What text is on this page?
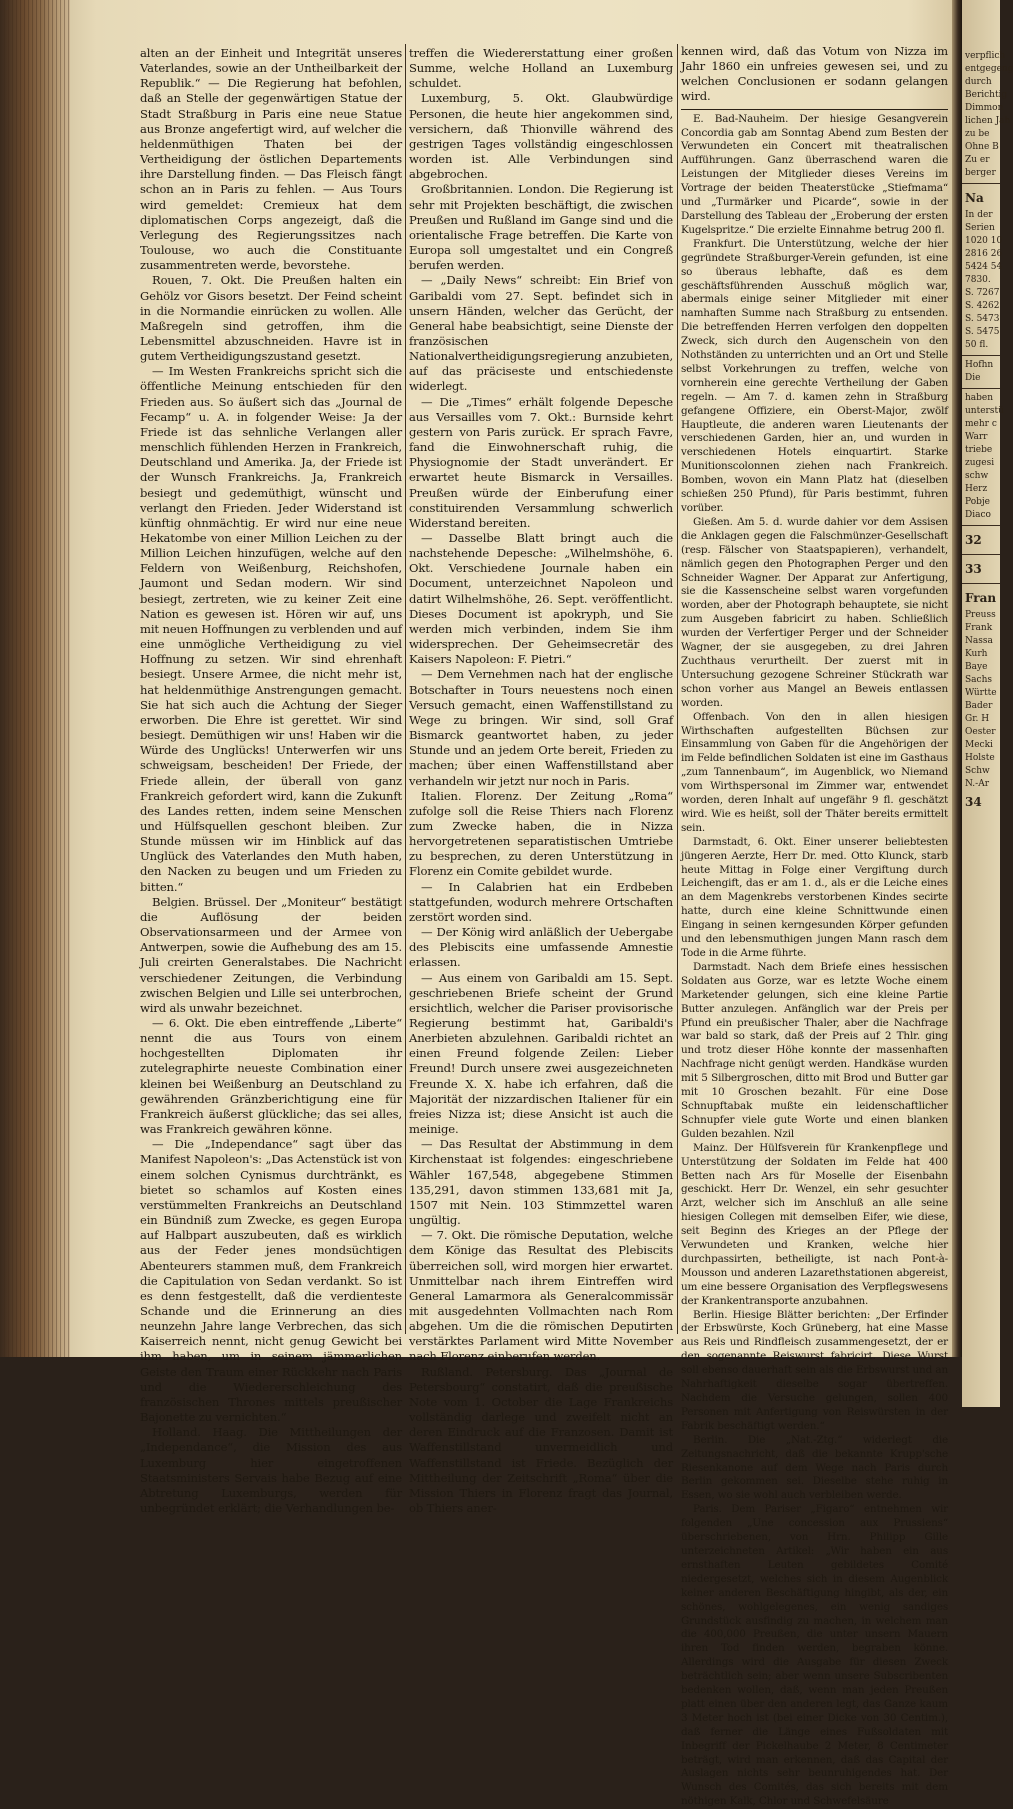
alten an der Einheit und Integrität unseres Vaterlandes, sowie an der Untheilbarkeit der Republik.“ — Die Regierung hat befohlen, daß an Stelle der gegenwärtigen Statue der Stadt Straßburg in Paris eine neue Statue aus Bronze angefertigt wird, auf welcher die heldenmüthigen Thaten bei der Vertheidigung der östlichen Departements ihre Darstellung finden. — Das Fleisch fängt schon an in Paris zu fehlen. — Aus Tours wird gemeldet: Cremieux hat dem diplomatischen Corps angezeigt, daß die Verlegung des Regierungssitzes nach Toulouse, wo auch die Constituante zusammentreten werde, bevorstehe.

Rouen, 7. Okt. Die Preußen halten ein Gehölz vor Gisors besetzt. Der Feind scheint in die Normandie einrücken zu wollen. Alle Maßregeln sind getroffen, ihm die Lebensmittel abzuschneiden. Havre ist in gutem Vertheidigungszustand gesetzt.

— Im Westen Frankreichs spricht sich die öffentliche Meinung entschieden für den Frieden aus. So äußert sich das „Journal de Fecamp“ u. A. in folgender Weise: Ja der Friede ist das sehnliche Verlangen aller menschlich fühlenden Herzen in Frankreich, Deutschland und Amerika. Ja, der Friede ist der Wunsch Frankreichs. Ja, Frankreich besiegt und gedemüthigt, wünscht und verlangt den Frieden. Jeder Widerstand ist künftig ohnmächtig. Er wird nur eine neue Hekatombe von einer Million Leichen zu der Million Leichen hinzufügen, welche auf den Feldern von Weißenburg, Reichshofen, Jaumont und Sedan modern. Wir sind besiegt, zertreten, wie zu keiner Zeit eine Nation es gewesen ist. Hören wir auf, uns mit neuen Hoffnungen zu verblenden und auf eine unmögliche Vertheidigung zu viel Hoffnung zu setzen. Wir sind ehrenhaft besiegt. Unsere Armee, die nicht mehr ist, hat heldenmüthige Anstrengungen gemacht. Sie hat sich auch die Achtung der Sieger erworben. Die Ehre ist gerettet. Wir sind besiegt. Demüthigen wir uns! Haben wir die Würde des Unglücks! Unterwerfen wir uns schweigsam, bescheiden! Der Friede, der Friede allein, der überall von ganz Frankreich gefordert wird, kann die Zukunft des Landes retten, indem seine Menschen und Hülfsquellen geschont bleiben. Zur Stunde müssen wir im Hinblick auf das Unglück des Vaterlandes den Muth haben, den Nacken zu beugen und um Frieden zu bitten.“

Belgien. Brüssel. Der „Moniteur“ bestätigt die Auflösung der beiden Observationsarmeen und der Armee von Antwerpen, sowie die Aufhebung des am 15. Juli creirten Generalstabes. Die Nachricht verschiedener Zeitungen, die Verbindung zwischen Belgien und Lille sei unterbrochen, wird als unwahr bezeichnet.

— 6. Okt. Die eben eintreffende „Liberte“ nennt die aus Tours von einem hochgestellten Diplomaten ihr zutelegraphirte neueste Combination einer kleinen bei Weißenburg an Deutschland zu gewährenden Gränzberichtigung eine für Frankreich äußerst glückliche; das sei alles, was Frankreich gewähren könne.

— Die „Independance“ sagt über das Manifest Napoleon's: „Das Actenstück ist von einem solchen Cynismus durchtränkt, es bietet so schamlos auf Kosten eines verstümmelten Frankreichs an Deutschland ein Bündniß zum Zwecke, es gegen Europa auf Halbpart auszubeuten, daß es wirklich aus der Feder jenes mondsüchtigen Abenteurers stammen muß, dem Frankreich die Capitulation von Sedan verdankt. So ist es denn festgestellt, daß die verdienteste Schande und die Erinnerung an dies neunzehn Jahre lange Verbrechen, das sich Kaiserreich nennt, nicht genug Gewicht bei ihm haben, um in seinem jämmerlichen Geiste den Traum einer Rückkehr nach Paris und die Wiedererschleichung des französischen Thrones mittels preußischer Bajonette zu vernichten.“

Holland. Haag. Die Mittheilungen der „Independance“, die Mission des aus Luxemburg hier eingetroffenen Staatsministers Servais habe Bezug auf eine Abtretung Luxemburgs, werden für unbegründet erklärt; die Verhandlungen be-

treffen die Wiedererstattung einer großen Summe, welche Holland an Luxemburg schuldet.

Luxemburg, 5. Okt. Glaubwürdige Personen, die heute hier angekommen sind, versichern, daß Thionville während des gestrigen Tages vollständig eingeschlossen worden ist. Alle Verbindungen sind abgebrochen.

Großbritannien. London. Die Regierung ist sehr mit Projekten beschäftigt, die zwischen Preußen und Rußland im Gange sind und die orientalische Frage betreffen. Die Karte von Europa soll umgestaltet und ein Congreß berufen werden.

— „Daily News“ schreibt: Ein Brief von Garibaldi vom 27. Sept. befindet sich in unsern Händen, welcher das Gerücht, der General habe beabsichtigt, seine Dienste der französischen Nationalvertheidigungsregierung anzubieten, auf das präciseste und entschiedenste widerlegt.

— Die „Times“ erhält folgende Depesche aus Versailles vom 7. Okt.: Burnside kehrt gestern von Paris zurück. Er sprach Favre, fand die Einwohnerschaft ruhig, die Physiognomie der Stadt unverändert. Er erwartet heute Bismarck in Versailles. Preußen würde der Einberufung einer constituirenden Versammlung schwerlich Widerstand bereiten.

— Dasselbe Blatt bringt auch die nachstehende Depesche: „Wilhelmshöhe, 6. Okt. Verschiedene Journale haben ein Document, unterzeichnet Napoleon und datirt Wilhelmshöhe, 26. Sept. veröffentlicht. Dieses Document ist apokryph, und Sie werden mich verbinden, indem Sie ihm widersprechen. Der Geheimsecretär des Kaisers Napoleon: F. Pietri.“

— Dem Vernehmen nach hat der englische Botschafter in Tours neuestens noch einen Versuch gemacht, einen Waffenstillstand zu Wege zu bringen. Wir sind, soll Graf Bismarck geantwortet haben, zu jeder Stunde und an jedem Orte bereit, Frieden zu machen; über einen Waffenstillstand aber verhandeln wir jetzt nur noch in Paris.

Italien. Florenz. Der Zeitung „Roma“ zufolge soll die Reise Thiers nach Florenz zum Zwecke haben, die in Nizza hervorgetretenen separatistischen Umtriebe zu besprechen, zu deren Unterstützung in Florenz ein Comite gebildet wurde.

— In Calabrien hat ein Erdbeben stattgefunden, wodurch mehrere Ortschaften zerstört worden sind.

— Der König wird anläßlich der Uebergabe des Plebiscits eine umfassende Amnestie erlassen.

— Aus einem von Garibaldi am 15. Sept. geschriebenen Briefe scheint der Grund ersichtlich, welcher die Pariser provisorische Regierung bestimmt hat, Garibaldi's Anerbieten abzulehnen. Garibaldi richtet an einen Freund folgende Zeilen: Lieber Freund! Durch unsere zwei ausgezeichneten Freunde X. X. habe ich erfahren, daß die Majorität der nizzardischen Italiener für ein freies Nizza ist; diese Ansicht ist auch die meinige.

— Das Resultat der Abstimmung in dem Kirchenstaat ist folgendes: eingeschriebene Wähler 167,548, abgegebene Stimmen 135,291, davon stimmen 133,681 mit Ja, 1507 mit Nein. 103 Stimmzettel waren ungültig.

— 7. Okt. Die römische Deputation, welche dem Könige das Resultat des Plebiscits überreichen soll, wird morgen hier erwartet. Unmittelbar nach ihrem Eintreffen wird General Lamarmora als Generalcommissär mit ausgedehnten Vollmachten nach Rom abgehen. Um die die römischen Deputirten verstärktes Parlament wird Mitte November nach Florenz einberufen werden.

Rußland. Petersburg. Das „Journal de Petersbourg“ constatirt, daß die preußische Note vom 1. October die Lage Frankreichs vollständig darlege und zweifelt nicht an deren Eindruck auf die Franzosen. Damit ist Waffenstillstand unvermeidlich und Waffenstillstand ist Friede. Bezüglich der Mittheilung der Zeitschrift „Roma“ über die Mission Thiers in Florenz fragt das Journal, ob Thiers aner-

kennen wird, daß das Votum von Nizza im Jahr 1860 ein unfreies gewesen sei, und zu welchen Conclusionen er sodann gelangen wird.

E. Bad-Nauheim. Der hiesige Gesangverein Concordia gab am Sonntag Abend zum Besten der Verwundeten ein Concert mit theatralischen Aufführungen. Ganz überraschend waren die Leistungen der Mitglieder dieses Vereins im Vortrage der beiden Theaterstücke „Stiefmama“ und „Turmärker und Picarde“, sowie in der Darstellung des Tableau der „Eroberung der ersten Kugelspritze.“ Die erzielte Einnahme betrug 200 fl.

Frankfurt. Die Unterstützung, welche der hier gegründete Straßburger-Verein gefunden, ist eine so überaus lebhafte, daß es dem geschäftsführenden Ausschuß möglich war, abermals einige seiner Mitglieder mit einer namhaften Summe nach Straßburg zu entsenden. Die betreffenden Herren verfolgen den doppelten Zweck, sich durch den Augenschein von den Nothständen zu unterrichten und an Ort und Stelle selbst Vorkehrungen zu treffen, welche von vornherein eine gerechte Vertheilung der Gaben regeln. — Am 7. d. kamen zehn in Straßburg gefangene Offiziere, ein Oberst-Major, zwölf Hauptleute, die anderen waren Lieutenants der verschiedenen Garden, hier an, und wurden in verschiedenen Hotels einquartirt. Starke Munitionscolonnen ziehen nach Frankreich. Bomben, wovon ein Mann Platz hat (dieselben schießen 250 Pfund), für Paris bestimmt, fuhren vorüber.

Gießen. Am 5. d. wurde dahier vor dem Assisen die Anklagen gegen die Falschmünzer-Gesellschaft (resp. Fälscher von Staatspapieren), verhandelt, nämlich gegen den Photographen Perger und den Schneider Wagner. Der Apparat zur Anfertigung, sie die Kassenscheine selbst waren vorgefunden worden, aber der Photograph behauptete, sie nicht zum Ausgeben fabricirt zu haben. Schließlich wurden der Verfertiger Perger und der Schneider Wagner, der sie ausgegeben, zu drei Jahren Zuchthaus verurtheilt. Der zuerst mit in Untersuchung gezogene Schreiner Stückrath war schon vorher aus Mangel an Beweis entlassen worden.

Offenbach. Von den in allen hiesigen Wirthschaften aufgestellten Büchsen zur Einsammlung von Gaben für die Angehörigen der im Felde befindlichen Soldaten ist eine im Gasthaus „zum Tannenbaum“, im Augenblick, wo Niemand vom Wirthspersonal im Zimmer war, entwendet worden, deren Inhalt auf ungefähr 9 fl. geschätzt wird. Wie es heißt, soll der Thäter bereits ermittelt sein.

Darmstadt, 6. Okt. Einer unserer beliebtesten jüngeren Aerzte, Herr Dr. med. Otto Klunck, starb heute Mittag in Folge einer Vergiftung durch Leichengift, das er am 1. d., als er die Leiche eines an dem Magenkrebs verstorbenen Kindes secirte hatte, durch eine kleine Schnittwunde einen Eingang in seinen kerngesunden Körper gefunden und den lebensmuthigen jungen Mann rasch dem Tode in die Arme führte.

Darmstadt. Nach dem Briefe eines hessischen Soldaten aus Gorze, war es letzte Woche einem Marketender gelungen, sich eine kleine Partie Butter anzulegen. Anfänglich war der Preis per Pfund ein preußischer Thaler, aber die Nachfrage war bald so stark, daß der Preis auf 2 Thlr. ging und trotz dieser Höhe konnte der massenhaften Nachfrage nicht genügt werden. Handkäse wurden mit 5 Silbergroschen, ditto mit Brod und Butter gar mit 10 Groschen bezahlt. Für eine Dose Schnupftabak mußte ein leidenschaftlicher Schnupfer viele gute Worte und einen blanken Gulden bezahlen. Nzil

Mainz. Der Hülfsverein für Krankenpflege und Unterstützung der Soldaten im Felde hat 400 Betten nach Ars für Moselle der Eisenbahn geschickt. Herr Dr. Wenzel, ein sehr gesuchter Arzt, welcher sich im Anschluß an alle seine hiesigen Collegen mit demselben Eifer, wie diese, seit Beginn des Krieges an der Pflege der Verwundeten und Kranken, welche hier durchpassirten, betheiligte, ist nach Pont-à-Mousson und anderen Lazarethstationen abgereist, um eine bessere Organisation des Verpflegswesens der Krankentransporte anzubahnen.

Berlin. Hiesige Blätter berichten: „Der Erfinder der Erbswürste, Koch Grüneberg, hat eine Masse aus Reis und Rindfleisch zusammengesetzt, der er den sogenannte Reiswurst fabricirt. Diese Wurst soll ebenso dauerhaft sein als die Erbswurst und an Nahrhaftigkeit dieselbe sogar übertreffen. Nachdem die Versuche gelungen, sollen 400 Personen mit Anfertigung von Reiswürsten in der Fabrik beschäftigt werden.“

Berlin. Die „Nat.-Ztg.“ widerlegt die Zeitungsnachricht, daß die bekannte Krupp'sche Riesenkanone auf dem Wege nach Paris durch Berlin gekommen sei. Dieselbe stehe ruhig in Essen, wo sie wohl auch verbleiben werde.

Paris. Dem Pariser „Figaro“ entnehmen wir folgenden „Une concession aux Prussiens“ überschriebenen, von Hrn. Philipp Gille unterzeichneten Artikel: „Wir haben ein aus ernsthaften Leuten gebildetes Comité niedergesetzt, welches sich in diesem Augenblick keiner anderen Beschäftigung hingibt, als der, ein schönes, wohlgelegenes, ein wenig sandiges Grundstück ausfindig zu machen, in welchem man die 400,000 Preußen, die unter unsern Mauern ihren Tod finden werden, begraben könne. Allerdings wird die Ausgabe für diesen Zweck beträchtlich sein; aber wenn unsere Subscribenten bedenken wollen, daß, wenn man jeden Preußen platt einen über den anderen legt, das Ganze kaum 3 Meter hoch ist (bei einer Dicke von 30 Centim.), daß ferner die Länge eines Fußsoldaten mit Inbegriff der Pickelhaube 2 Meter, 8 Centimeter beträgt, wird man erkennen, daß das Capital der Auslagen nichts sehr beunruhigendes hat. Der Wunsch des Comités, das sich bereits mit dem nöthigen Kalk, Chlor und Schwefelsäure

verpflich
entgegeng
durch
Berichtig
Dimmon
lichen Jah
zu be
Ohne B
Zu er
berger
Na
In der
Serien
1020 10
2816 26
5424 54
7830.
S. 7267
S. 4262
S. 5473
S. 5475
50 fl.
Hofhn
Die
haben
unterstü
mehr c
Warr
triebe
zugesi
schw
Herz
Pobje
Diaco
32
33
Fran
Preuss
Frank
Nassa
Kurh
Baye
Sachs
Württe
Bader
Gr. H
Oester
Mecki
Holste
Schw
N.-Ar
34
